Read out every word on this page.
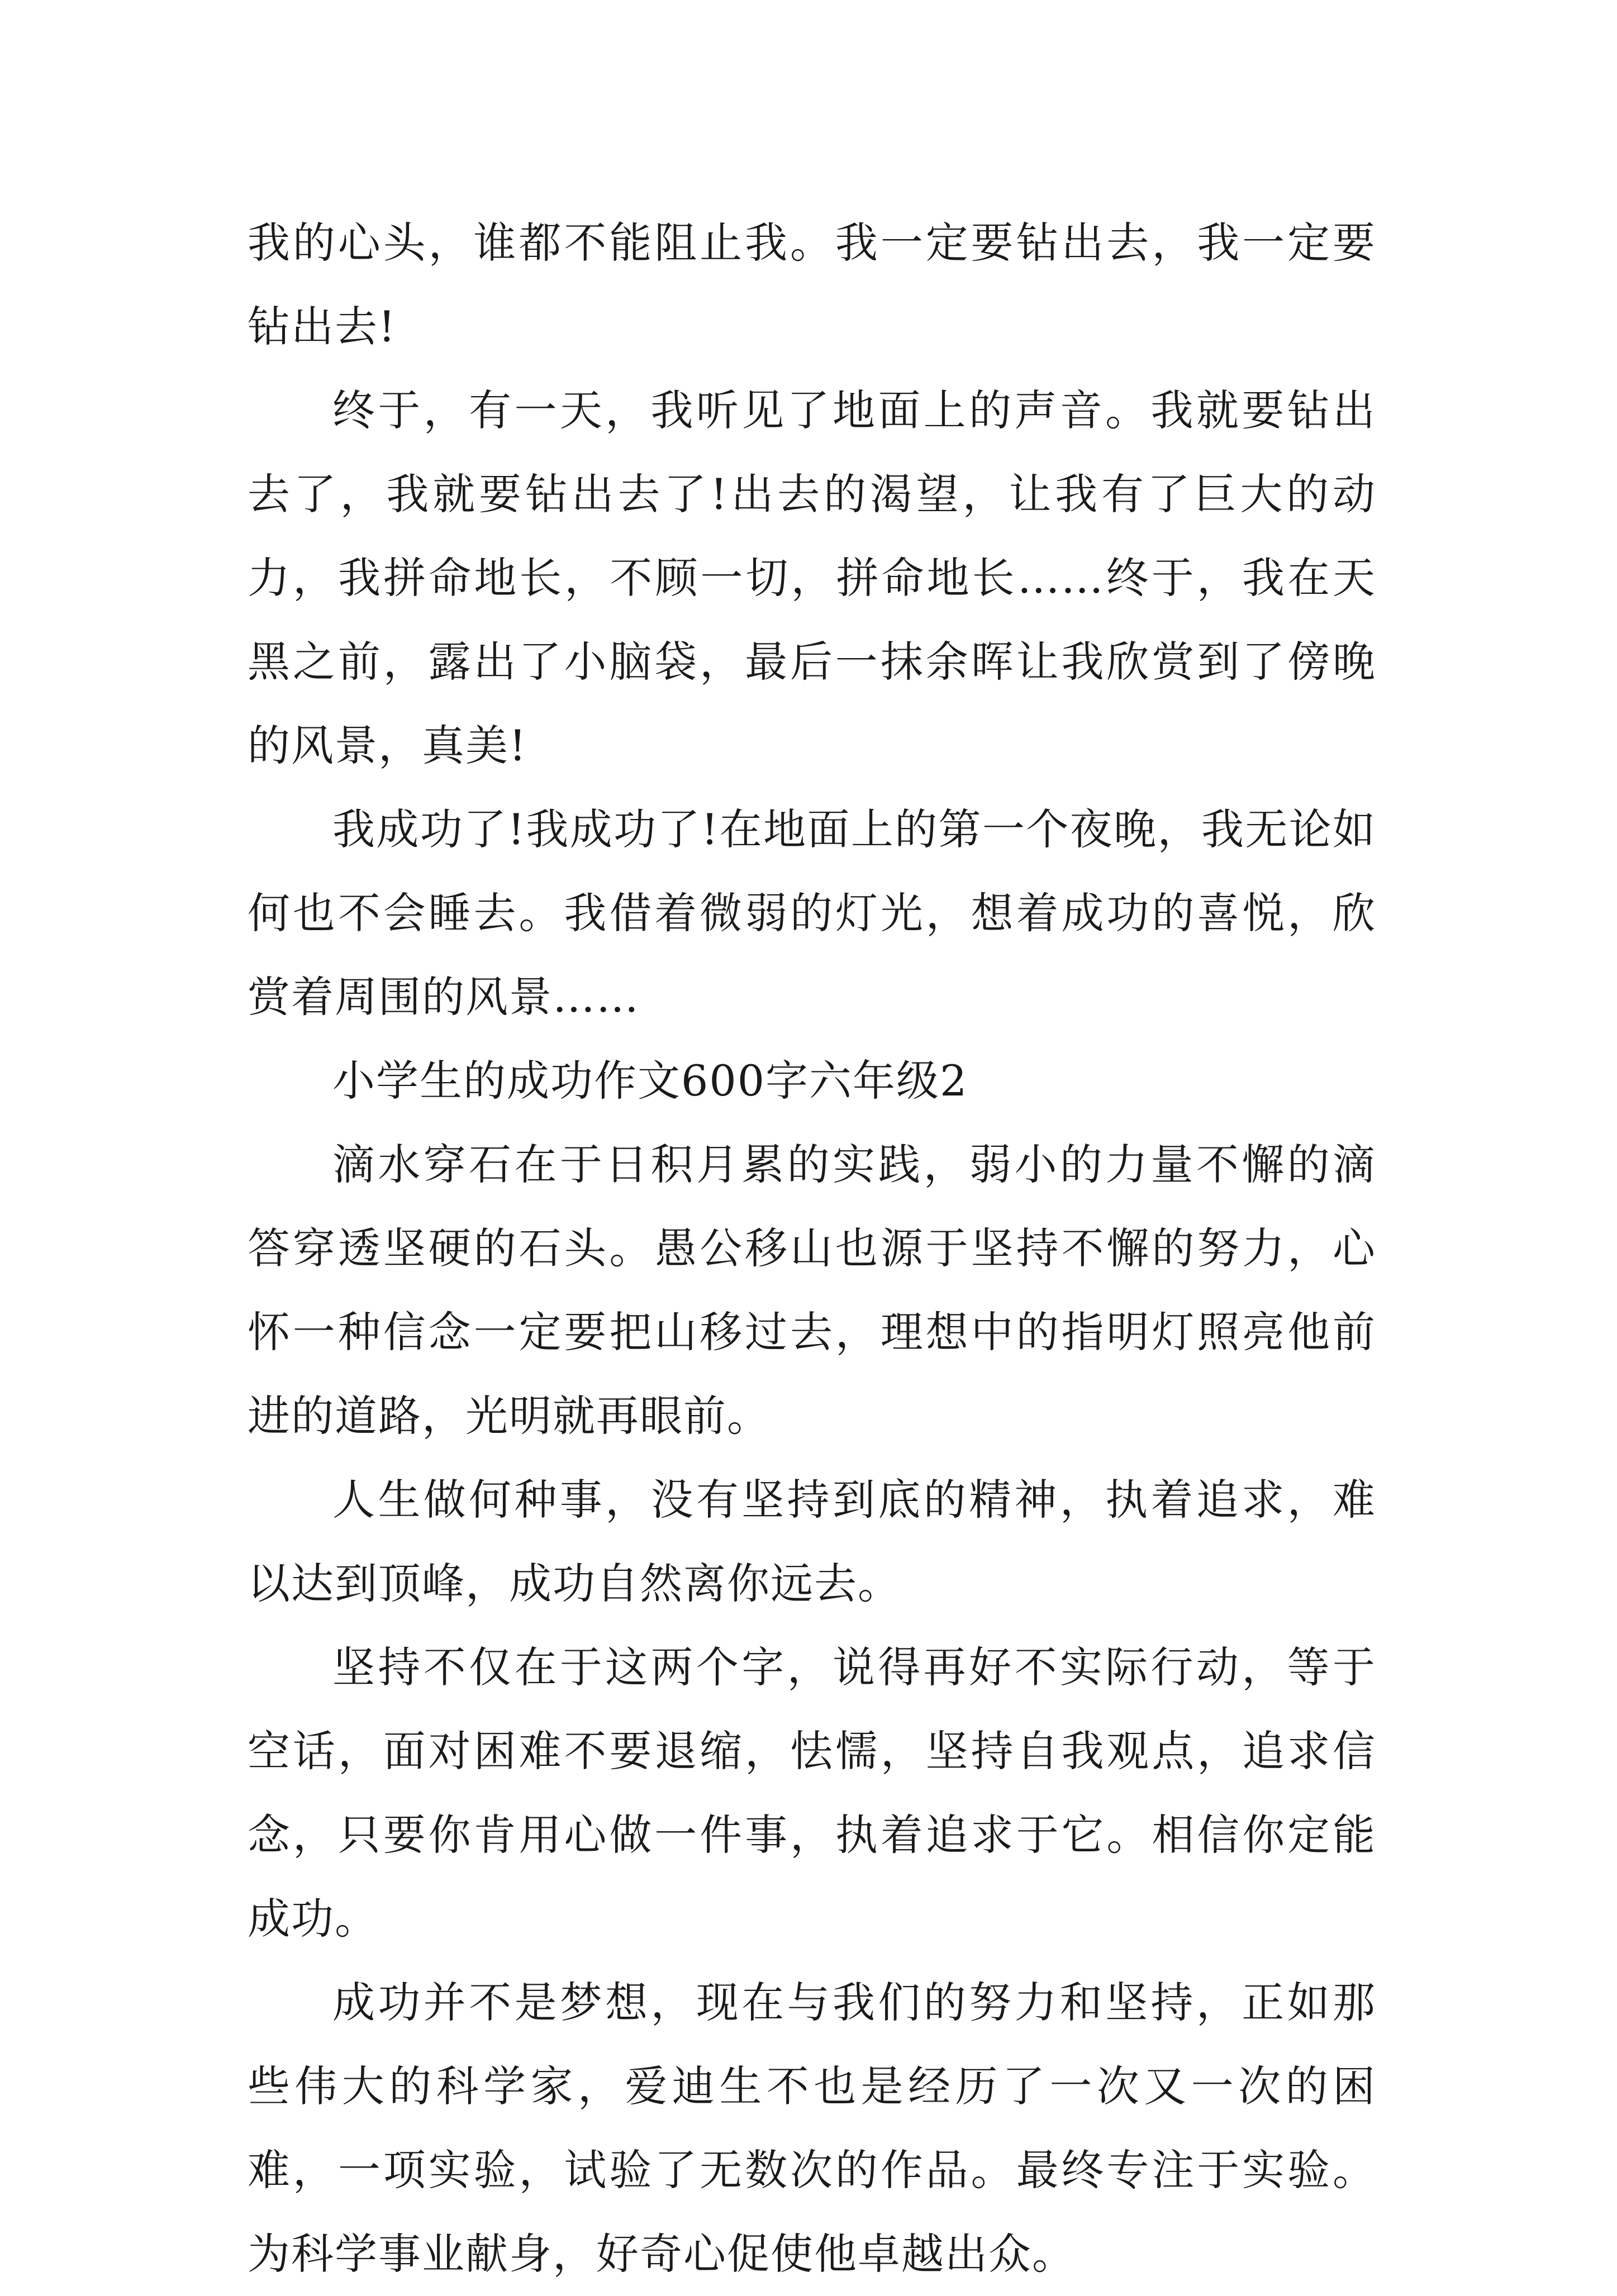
我的心头，谁都不能阻止我。我一定要钻出去，我一定要钻出去!

终于，有一天，我听见了地面上的声音。我就要钻出去了，我就要钻出去了!出去的渴望，让我有了巨大的动力，我拼命地长，不顾一切，拼命地长……终于，我在天黑之前，露出了小脑袋，最后一抹余晖让我欣赏到了傍晚的风景，真美!

我成功了!我成功了!在地面上的第一个夜晚，我无论如何也不会睡去。我借着微弱的灯光，想着成功的喜悦，欣赏着周围的风景……

小学生的成功作文600字六年级2

滴水穿石在于日积月累的实践，弱小的力量不懈的滴答穿透坚硬的石头。愚公移山也源于坚持不懈的努力，心怀一种信念一定要把山移过去，理想中的指明灯照亮他前进的道路，光明就再眼前。

人生做何种事，没有坚持到底的精神，执着追求，难以达到顶峰，成功自然离你远去。

坚持不仅在于这两个字，说得再好不实际行动，等于空话，面对困难不要退缩，怯懦，坚持自我观点，追求信念，只要你肯用心做一件事，执着追求于它。相信你定能成功。

成功并不是梦想，现在与我们的努力和坚持，正如那些伟大的科学家，爱迪生不也是经历了一次又一次的困难，一项实验，试验了无数次的作品。最终专注于实验。为科学事业献身，好奇心促使他卓越出众。
